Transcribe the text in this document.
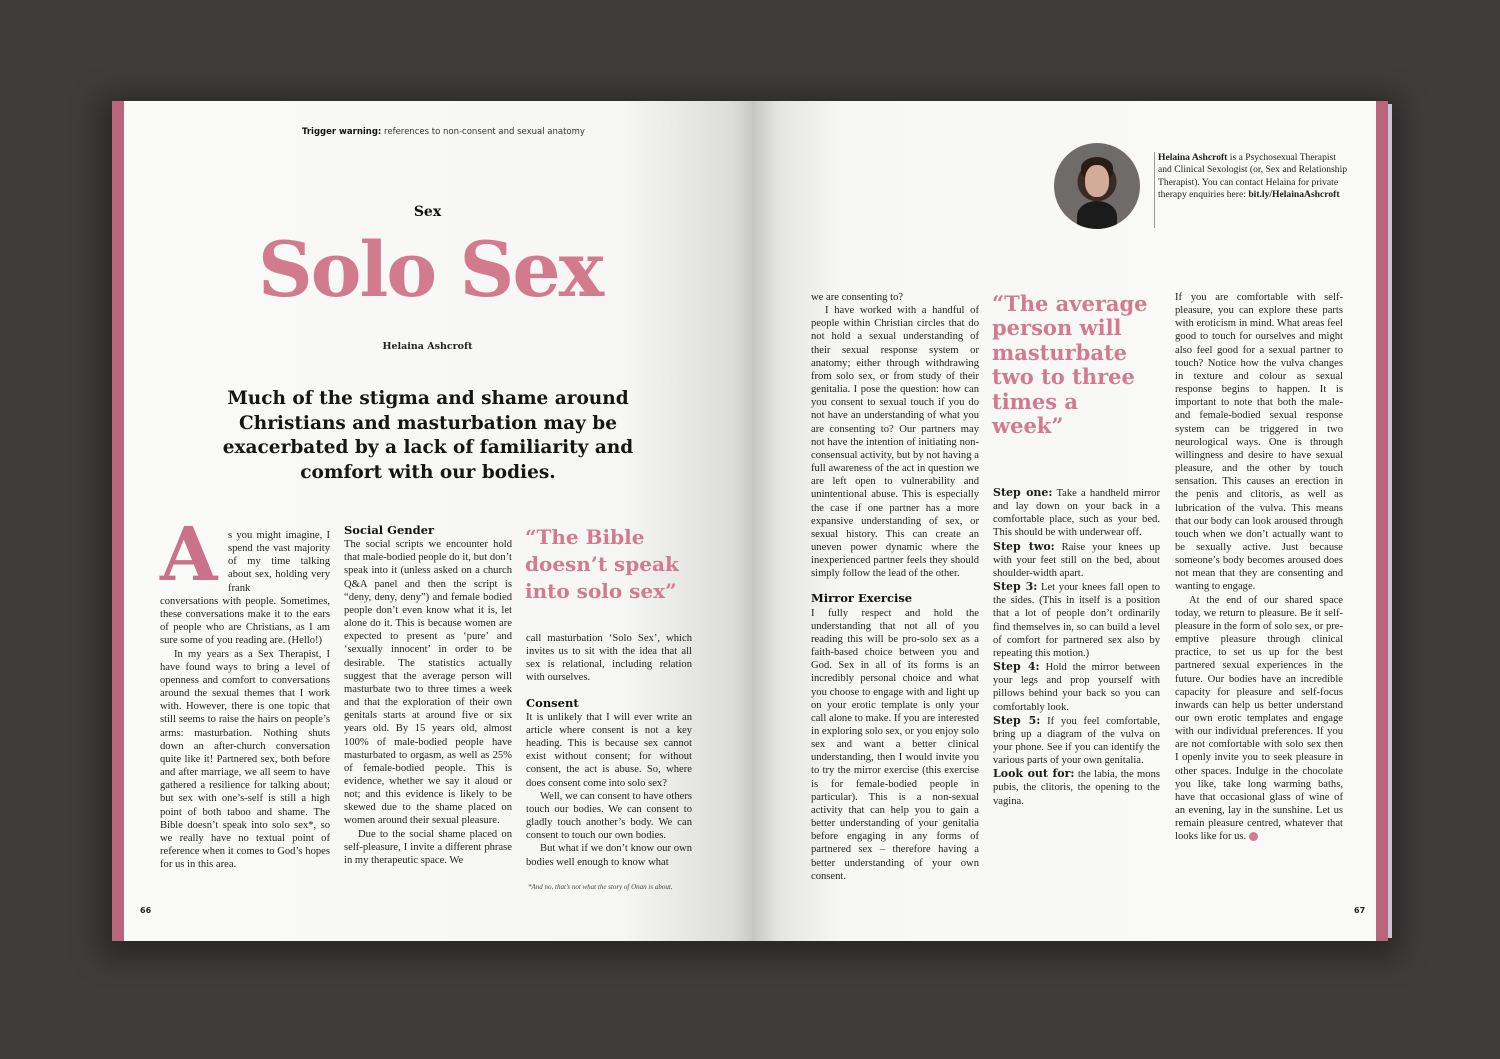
Trigger warning: references to non-consent and sexual anatomy
Sex
Solo Sex
Helaina Ashcroft
Much of the stigma and shame around Christians and masturbation may be exacerbated by a lack of familiarity and comfort with our bodies.
A s you might imagine, I spend the vast majority of my time talking about sex, holding very frank

conversations with people. Sometimes, these conversations make it to the ears of people who are Christians, as I am sure some of you reading are. (Hello!)

In my years as a Sex Therapist, I have found ways to bring a level of openness and comfort to conversations around the sexual themes that I work with. However, there is one topic that still seems to raise the hairs on people’s arms: masturbation. Nothing shuts down an after-church conversation quite like it! Partnered sex, both before and after marriage, we all seem to have gathered a resilience for talking about; but sex with one’s-self is still a high point of both taboo and shame. The Bible doesn’t speak into solo sex*, so we really have no textual point of reference when it comes to God’s hopes for us in this area.

Social Gender

The social scripts we encounter hold that male-bodied people do it, but don’t speak into it (unless asked on a church Q&A panel and then the script is “deny, deny, deny”) and female bodied people don’t even know what it is, let alone do it. This is because women are expected to present as ‘pure’ and ‘sexually innocent’ in order to be desirable. The statistics actually suggest that the average person will masturbate two to three times a week and that the exploration of their own genitals starts at around five or six years old. By 15 years old, almost 100% of male-bodied people have masturbated to orgasm, as well as 25% of female-bodied people. This is evidence, whether we say it aloud or not; and this evidence is likely to be skewed due to the shame placed on women around their sexual pleasure.

Due to the social shame placed on self-pleasure, I invite a different phrase in my therapeutic space. We

“The Bible doesn’t speak into solo sex”

call masturbation ‘Solo Sex’, which invites us to sit with the idea that all sex is relational, including relation with ourselves.

Consent

It is unlikely that I will ever write an article where consent is not a key heading. This is because sex cannot exist without consent; for without consent, the act is abuse. So, where does consent come into solo sex?

Well, we can consent to have others touch our bodies. We can consent to gladly touch another’s body. We can consent to touch our own bodies.

But what if we don’t know our own bodies well enough to know what

*And no, that’s not what the story of Onan is about.
66
Helaina Ashcroft is a Psychosexual Therapist and Clinical Sexologist (or, Sex and Relationship Therapist). You can contact Helaina for private therapy enquiries here: bit.ly/HelainaAshcroft

we are consenting to?

I have worked with a handful of people within Christian circles that do not hold a sexual understanding of their sexual response system or anatomy; either through withdrawing from solo sex, or from study of their genitalia. I pose the question: how can you consent to sexual touch if you do not have an understanding of what you are consenting to? Our partners may not have the intention of initiating non-consensual activity, but by not having a full awareness of the act in question we are left open to vulnerability and unintentional abuse. This is especially the case if one partner has a more expansive understanding of sex, or sexual history. This can create an uneven power dynamic where the inexperienced partner feels they should simply follow the lead of the other.

Mirror Exercise

I fully respect and hold the understanding that not all of you reading this will be pro-solo sex as a faith-based choice between you and God. Sex in all of its forms is an incredibly personal choice and what you choose to engage with and light up on your erotic template is only your call alone to make. If you are interested in exploring solo sex, or you enjoy solo sex and want a better clinical understanding, then I would invite you to try the mirror exercise (this exercise is for female-bodied people in particular). This is a non-sexual activity that can help you to gain a better understanding of your genitalia before engaging in any forms of partnered sex – therefore having a better understanding of your own consent.

“The average person will masturbate two to three times a week”

Step one: Take a handheld mirror and lay down on your back in a comfortable place, such as your bed. This should be with underwear off.

Step two: Raise your knees up with your feet still on the bed, about shoulder-width apart.

Step 3: Let your knees fall open to the sides. (This in itself is a position that a lot of people don’t ordinarily find themselves in, so can build a level of comfort for partnered sex also by repeating this motion.)

Step 4: Hold the mirror between your legs and prop yourself with pillows behind your back so you can comfortably look.

Step 5: If you feel comfortable, bring up a diagram of the vulva on your phone. See if you can identify the various parts of your own genitalia.

Look out for: the labia, the mons pubis, the clitoris, the opening to the vagina.

If you are comfortable with self-pleasure, you can explore these parts with eroticism in mind. What areas feel good to touch for ourselves and might also feel good for a sexual partner to touch? Notice how the vulva changes in texture and colour as sexual response begins to happen. It is important to note that both the male- and female-bodied sexual response system can be triggered in two neurological ways. One is through willingness and desire to have sexual pleasure, and the other by touch sensation. This causes an erection in the penis and clitoris, as well as lubrication of the vulva. This means that our body can look aroused through touch when we don’t actually want to be sexually active. Just because someone’s body becomes aroused does not mean that they are consenting and wanting to engage.

At the end of our shared space today, we return to pleasure. Be it self-pleasure in the form of solo sex, or pre-emptive pleasure through clinical practice, to set us up for the best partnered sexual experiences in the future. Our bodies have an incredible capacity for pleasure and self-focus inwards can help us better understand our own erotic templates and engage with our individual preferences. If you are not comfortable with solo sex then I openly invite you to seek pleasure in other spaces. Indulge in the chocolate you like, take long warming baths, have that occasional glass of wine of an evening, lay in the sunshine. Let us remain pleasure centred, whatever that looks like for us.

67
